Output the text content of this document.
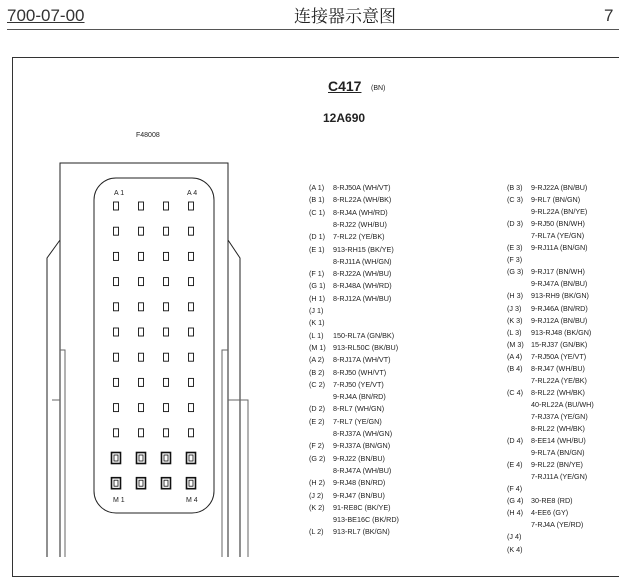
700-07-00	连接器示意图	7
C417 (BN)
12A690
F48008
A 1	A 4
M 1	M 4
(A 1) 8-RJ50A (WH/VT)
(B 1) 8-RL22A (WH/BK)
(C 1) 8-RJ4A (WH/RD)
8-RJ22 (WH/BU)
(D 1) 7-RL22 (YE/BK)
(E 1) 913-RH15 (BK/YE)
8-RJ11A (WH/GN)
(F 1) 8-RJ22A (WH/BU)
(G 1) 8-RJ48A (WH/RD)
(H 1) 8-RJ12A (WH/BU)
(J 1)
(K 1)
(L 1) 150-RL7A (GN/BK)
(M 1) 913-RL50C (BK/BU)
(A 2) 8-RJ17A (WH/VT)
(B 2) 8-RJ50 (WH/VT)
(C 2) 7-RJ50 (YE/VT)
9-RJ4A (BN/RD)
(D 2) 8-RL7 (WH/GN)
(E 2) 7-RL7 (YE/GN)
8-RJ37A (WH/GN)
(F 2) 9-RJ37A (BN/GN)
(G 2) 9-RJ22 (BN/BU)
8-RJ47A (WH/BU)
(H 2) 9-RJ48 (BN/RD)
(J 2) 9-RJ47 (BN/BU)
(K 2) 91-RE8C (BK/YE)
913-BE16C (BK/RD)
(L 2) 913-RL7 (BK/GN)
(B 3) 9-RJ22A (BN/BU)
(C 3) 9-RL7 (BN/GN)
9-RL22A (BN/YE)
(D 3) 9-RJ50 (BN/WH)
7-RL7A (YE/GN)
(E 3) 9-RJ11A (BN/GN)
(F 3)
(G 3) 9-RJ17 (BN/WH)
9-RJ47A (BN/BU)
(H 3) 913-RH9 (BK/GN)
(J 3) 9-RJ46A (BN/RD)
(K 3) 9-RJ12A (BN/BU)
(L 3) 913-RJ48 (BK/GN)
(M 3) 15-RJ37 (GN/BK)
(A 4) 7-RJ50A (YE/VT)
(B 4) 8-RJ47 (WH/BU)
7-RL22A (YE/BK)
(C 4) 8-RL22 (WH/BK)
40-RL22A (BU/WH)
7-RJ37A (YE/GN)
8-RL22 (WH/BK)
(D 4) 8-EE14 (WH/BU)
9-RL7A (BN/GN)
(E 4) 9-RL22 (BN/YE)
7-RJ11A (YE/GN)
(F 4)
(G 4) 30-RE8 (RD)
(H 4) 4-EE6 (GY)
7-RJ4A (YE/RD)
(J 4)
(K 4)
